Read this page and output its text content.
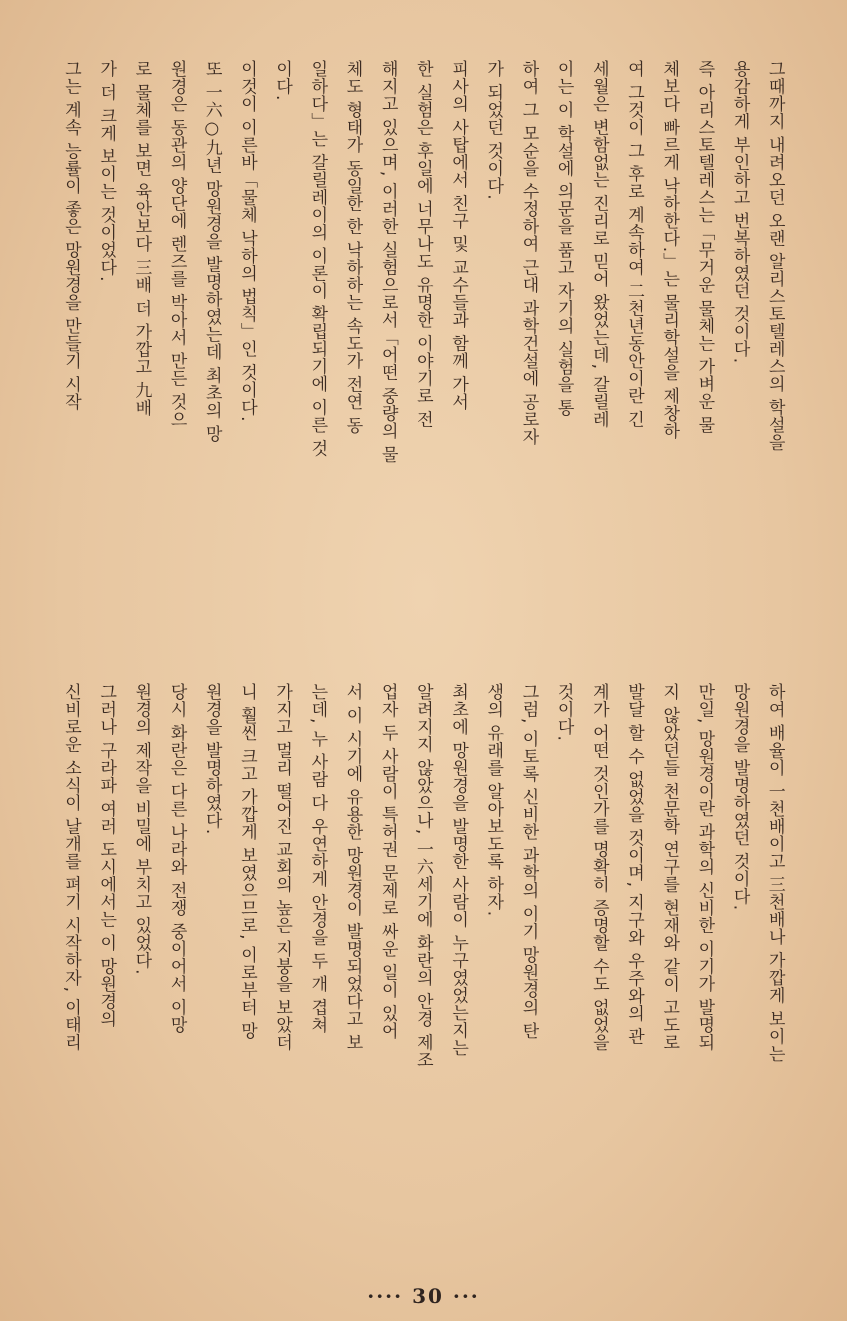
그때까지 내려오던 오랜 알리스토텔레스의 학설을
용감하게 부인하고 번복하였던 것이다.
즉 아리스토텔레스는「무거운 물체는 가벼운 물
체보다 빠르게 낙하한다.」는 물리학설을 제창하
여 그것이 그 후로 계속하여 二천년동안이란 긴
세월은 변함없는 진리로 믿어 왔었는데, 갈릴레
이는 이 학설에 의문을 품고 자기의 실험을 통
하여 그 모순을 수정하여 근대 과학건설에 공로자
가 되었던 것이다.
피사의 사탑에서 친구 및 교수들과 함께 가서
한 실험은 후일에 너무나도 유명한 이야기로 전
해지고 있으며, 이러한 실험으로서「어떤 중량의 물
체도 형태가 동일한 한 낙하하는 속도가 전연 동
일하다」는 갈릴레이의 이론이 확립되기에 이른 것
이다.
이것이 이른바「물체 낙하의 법칙」인 것이다.
또 一六○九년 망원경을 발명하였는데 최초의 망
원경은 동관의 양단에 렌즈를 박아서 만든 것으
로 물체를 보면 육안보다 三배 더 가깝고 九배
가 더 크게 보이는 것이었다.
그는 계속 능률이 좋은 망원경을 만들기 시작
하여 배율이 一천배이고 三천배나 가깝게 보이는
망원경을 발명하였던 것이다.
만일, 망원경이란 과학의 신비한 이기가 발명되
지 않았던들 천문학 연구를 현재와 같이 고도로
발달 할 수 없었을 것이며, 지구와 우주와의 관
계가 어떤 것인가를 명확히 증명할 수도 없었을
것이다.
그럼, 이토록 신비한 과학의 이기 망원경의 탄
생의 유래를 알아보도록 하자.
최초에 망원경을 발명한 사람이 누구였었는지는
알려지지 않았으나, 一六세기에 화란의 안경 제조
업자 두 사람이 특허권 문제로 싸운 일이 있어
서 이 시기에 유용한 망원경이 발명되었다고 보
는데, 누 사람 다 우연하게 안경을 두 개 겹쳐
가지고 멀리 떨어진 교회의 높은 지붕을 보았더
니 훨씬 크고 가깝게 보였으므로, 이로부터 망
원경을 발명하였다.
당시 화란은 다른 나라와 전쟁 중이어서 이망
원경의 제작을 비밀에 부치고 있었다.
그러나 구라파 여러 도시에서는 이 망원경의
신비로운 소식이 날개를 펴기 시작하자, 이태리
···· 30 ···
